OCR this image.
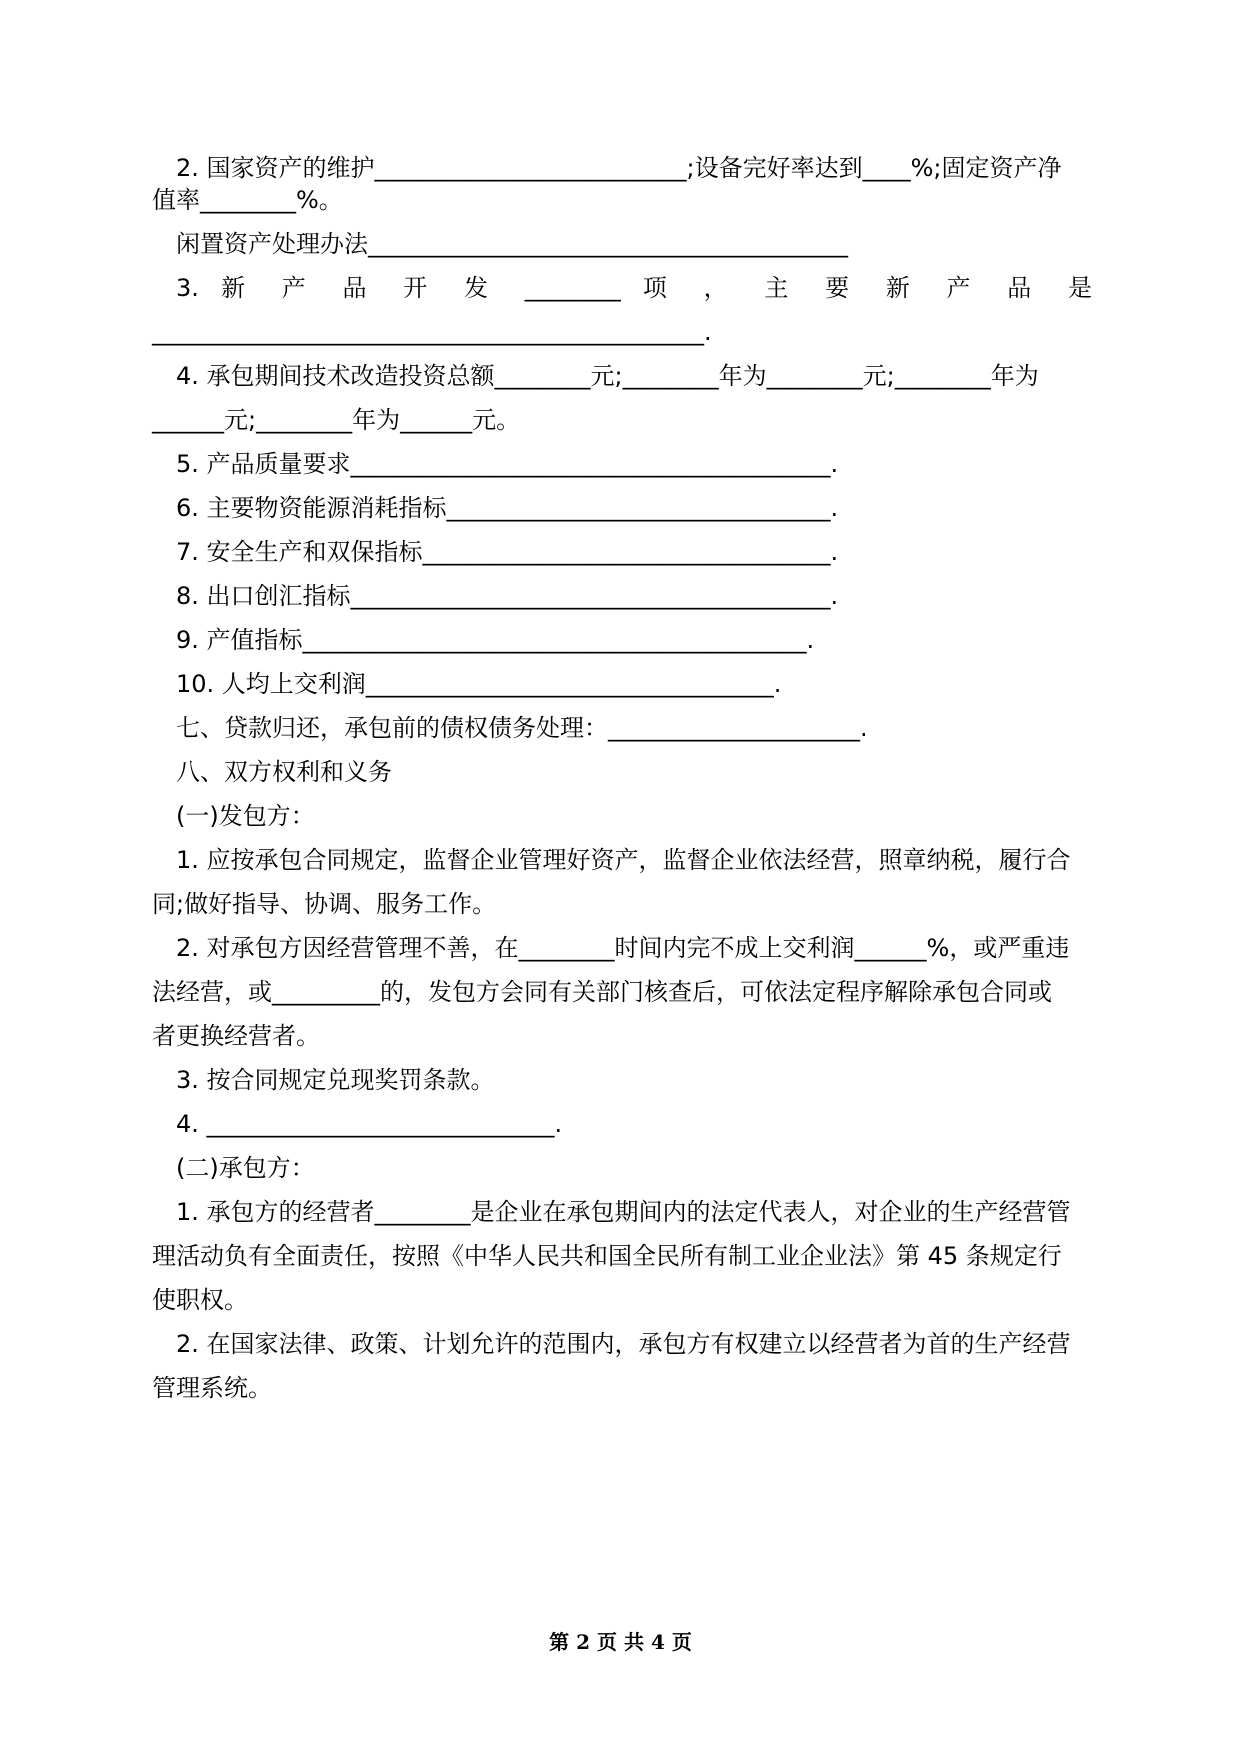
2. 国家资产的维护__________________________;设备完好率达到____%;固定资产净
值率________%。
闲置资产处理办法________________________________________
3. 新 产 品 开 发 ________ 项 ， 主 要 新 产 品 是
______________________________________________.
4. 承包期间技术改造投资总额________元;________年为________元;________年为
______元;________年为______元。
5. 产品质量要求________________________________________.
6. 主要物资能源消耗指标________________________________.
7. 安全生产和双保指标__________________________________.
8. 出口创汇指标________________________________________.
9. 产值指标__________________________________________.
10. 人均上交利润__________________________________.
七、贷款归还，承包前的债权债务处理：_____________________.
八、双方权利和义务
(一)发包方：
1. 应按承包合同规定，监督企业管理好资产，监督企业依法经营，照章纳税，履行合
同;做好指导、协调、服务工作。
2. 对承包方因经营管理不善，在________时间内完不成上交利润______%，或严重违
法经营，或_________的，发包方会同有关部门核查后，可依法定程序解除承包合同或
者更换经营者。
3. 按合同规定兑现奖罚条款。
4. _____________________________.
(二)承包方：
1. 承包方的经营者________是企业在承包期间内的法定代表人，对企业的生产经营管
理活动负有全面责任，按照《中华人民共和国全民所有制工业企业法》第 45 条规定行
使职权。
2. 在国家法律、政策、计划允许的范围内，承包方有权建立以经营者为首的生产经营
管理系统。
第 2 页 共 4 页
